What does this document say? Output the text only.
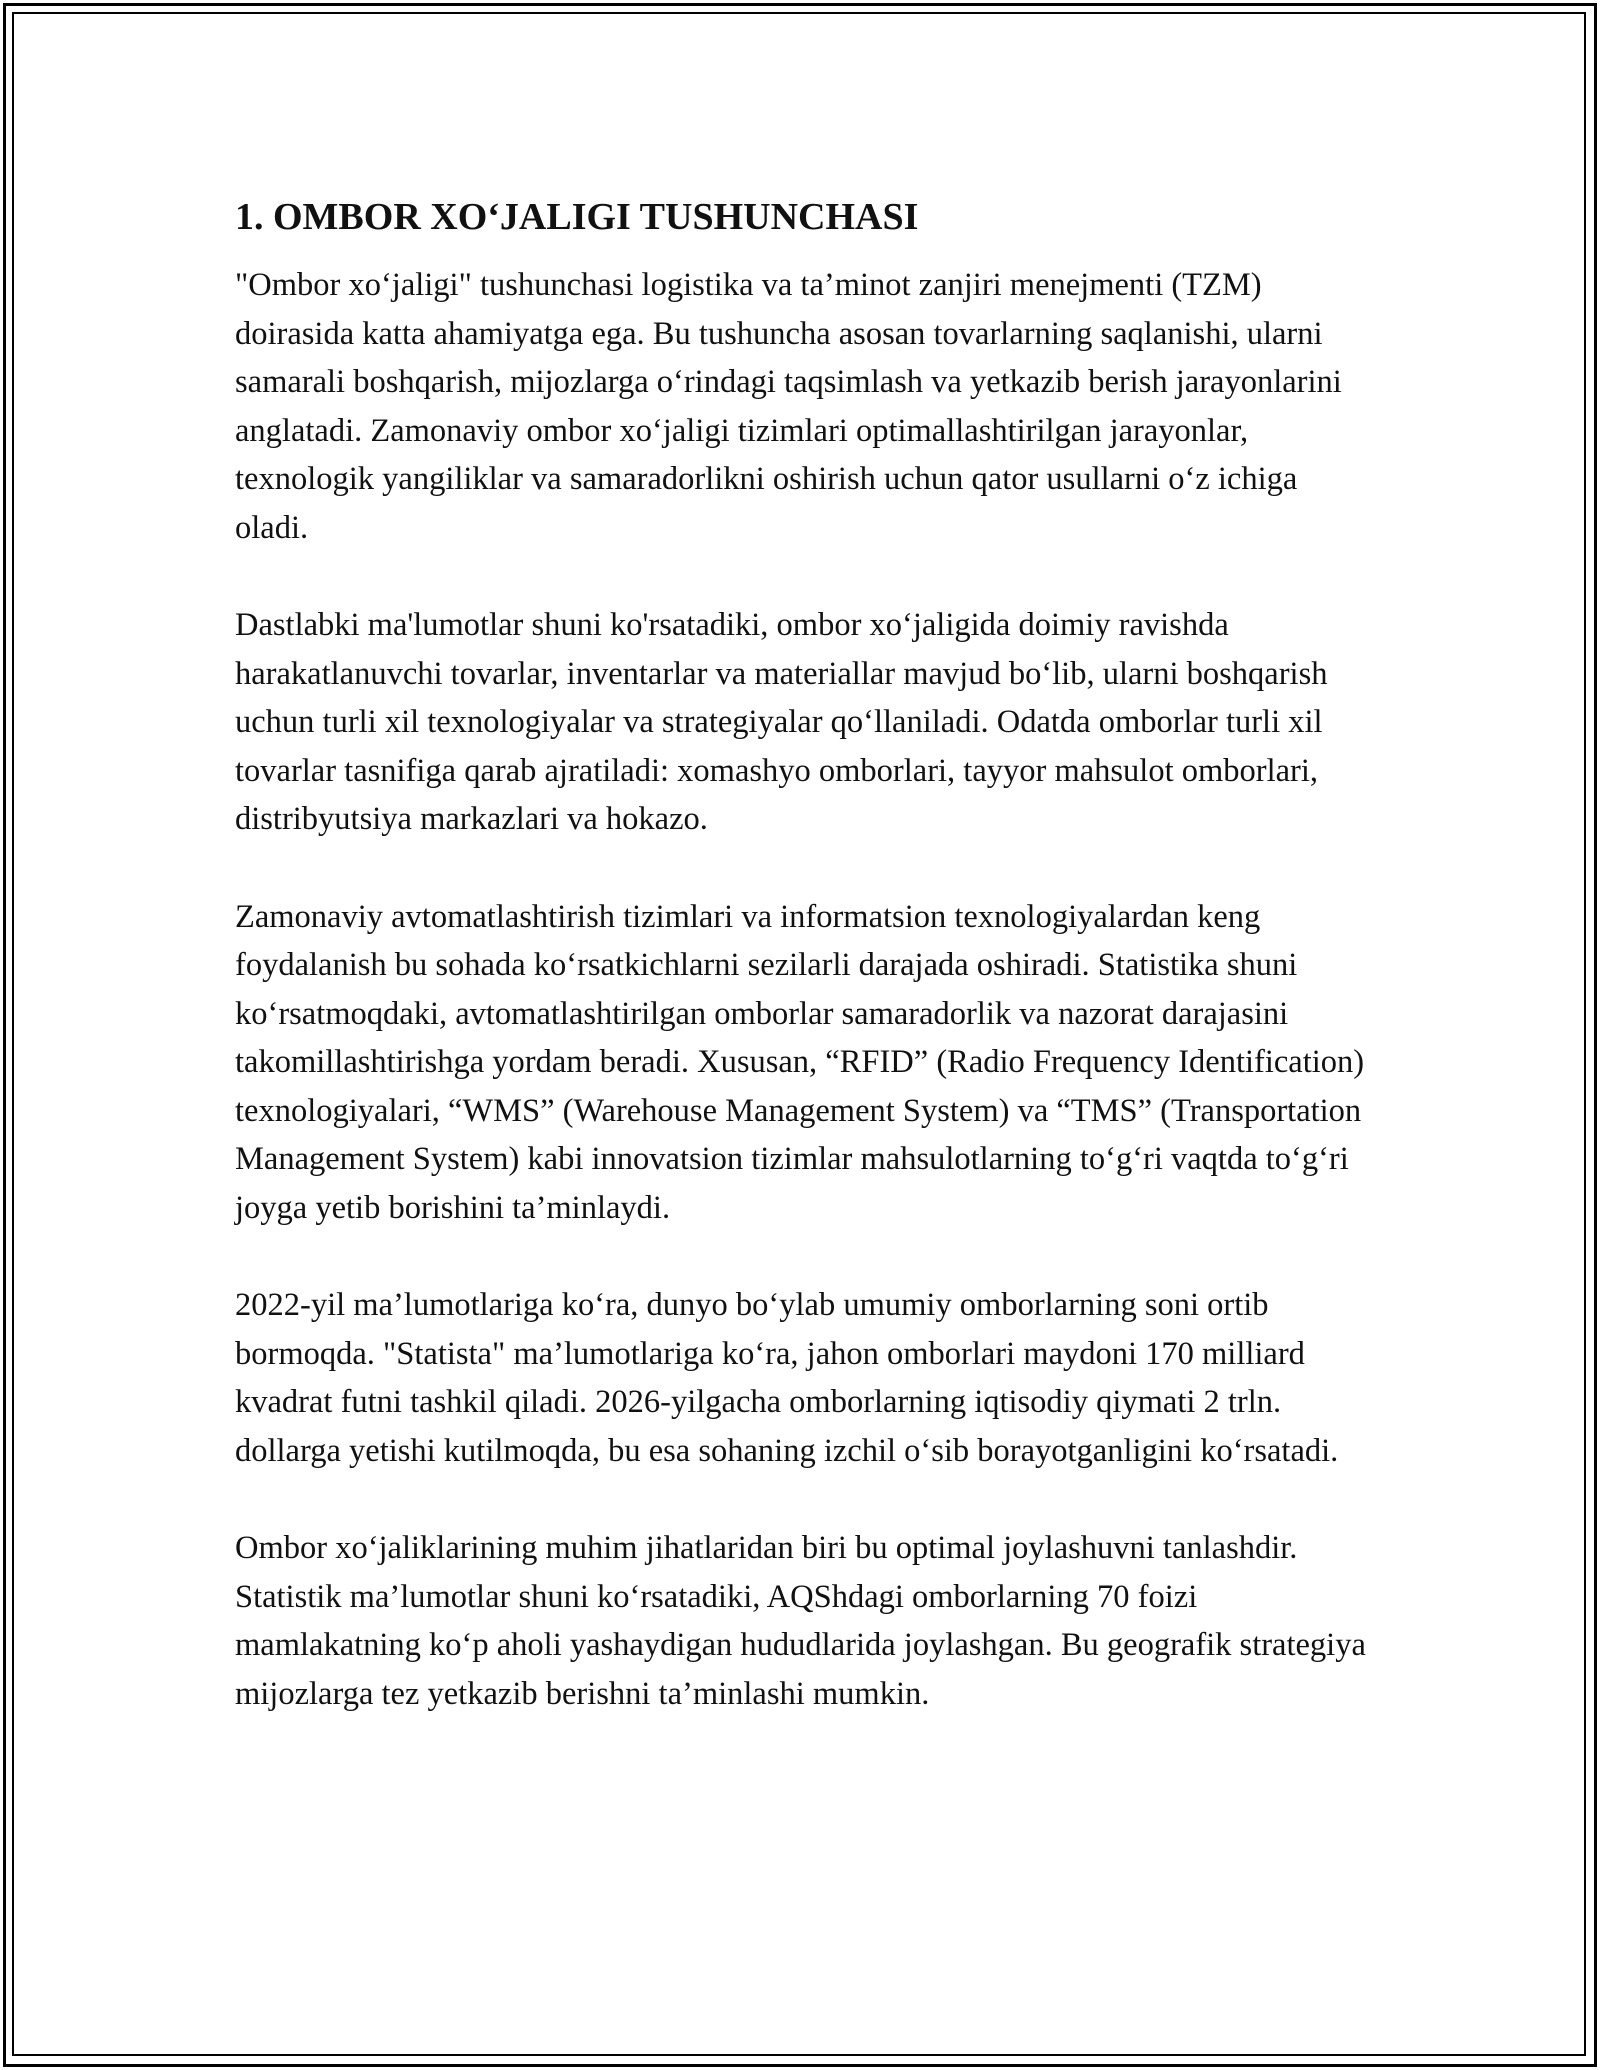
1. OMBOR XO‘JALIGI TUSHUNCHASI

"Ombor xo‘jaligi" tushunchasi logistika va ta’minot zanjiri menejmenti (TZM) doirasida katta ahamiyatga ega. Bu tushuncha asosan tovarlarning saqlanishi, ularni samarali boshqarish, mijozlarga o‘rindagi taqsimlash va yetkazib berish jarayonlarini anglatadi. Zamonaviy ombor xo‘jaligi tizimlari optimallashtirilgan jarayonlar, texnologik yangiliklar va samaradorlikni oshirish uchun qator usullarni o‘z ichiga oladi.

Dastlabki ma'lumotlar shuni ko'rsatadiki, ombor xo‘jaligida doimiy ravishda harakatlanuvchi tovarlar, inventarlar va materiallar mavjud bo‘lib, ularni boshqarish uchun turli xil texnologiyalar va strategiyalar qo‘llaniladi. Odatda omborlar turli xil tovarlar tasnifiga qarab ajratiladi: xomashyo omborlari, tayyor mahsulot omborlari, distribyutsiya markazlari va hokazo.

Zamonaviy avtomatlashtirish tizimlari va informatsion texnologiyalardan keng foydalanish bu sohada ko‘rsatkichlarni sezilarli darajada oshiradi. Statistika shuni ko‘rsatmoqdaki, avtomatlashtirilgan omborlar samaradorlik va nazorat darajasini takomillashtirishga yordam beradi. Xususan, “RFID” (Radio Frequency Identification) texnologiyalari, “WMS” (Warehouse Management System) va “TMS” (Transportation Management System) kabi innovatsion tizimlar mahsulotlarning to‘g‘ri vaqtda to‘g‘ri joyga yetib borishini ta’minlaydi.

2022-yil ma’lumotlariga ko‘ra, dunyo bo‘ylab umumiy omborlarning soni ortib bormoqda. "Statista" ma’lumotlariga ko‘ra, jahon omborlari maydoni 170 milliard kvadrat futni tashkil qiladi. 2026-yilgacha omborlarning iqtisodiy qiymati 2 trln. dollarga yetishi kutilmoqda, bu esa sohaning izchil o‘sib borayotganligini ko‘rsatadi.

Ombor xo‘jaliklarining muhim jihatlaridan biri bu optimal joylashuvni tanlashdir. Statistik ma’lumotlar shuni ko‘rsatadiki, AQShdagi omborlarning 70 foizi mamlakatning ko‘p aholi yashaydigan hududlarida joylashgan. Bu geografik strategiya mijozlarga tez yetkazib berishni ta’minlashi mumkin.
